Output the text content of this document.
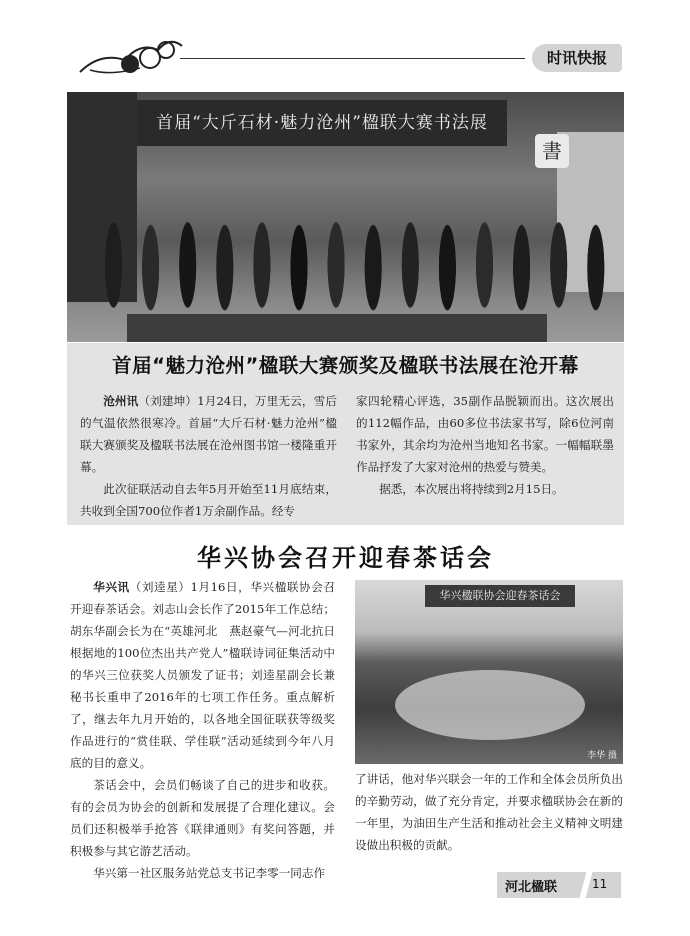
时讯快报
首届“大斤石材·魅力沧州”楹联大赛书法展
書
首届“魅力沧州”楹联大赛颁奖及楹联书法展在沧开幕

沧州讯（刘建坤）1月24日，万里无云，雪后的气温依然很寒冷。首届“大斤石材·魅力沧州”楹联大赛颁奖及楹联书法展在沧州图书馆一楼隆重开幕。

此次征联活动自去年5月开始至11月底结束，共收到全国700位作者1万余副作品。经专

家四轮精心评选，35副作品脱颖而出。这次展出的112幅作品，由60多位书法家书写，除6位河南书家外，其余均为沧州当地知名书家。一幅幅联墨作品抒发了大家对沧州的热爱与赞美。

据悉，本次展出将持续到2月15日。

华兴协会召开迎春茶话会

华兴讯（刘逵星）1月16日，华兴楹联协会召开迎春茶话会。刘志山会长作了2015年工作总结；胡东华副会长为在“英雄河北　燕赵豪气—河北抗日根据地的100位杰出共产党人”楹联诗词征集活动中的华兴三位获奖人员颁发了证书；刘逵星副会长兼秘书长重申了2016年的七项工作任务。重点解析了，继去年九月开始的，以各地全国征联获等级奖作品进行的“赏佳联、学佳联”活动延续到今年八月底的目的意义。

茶话会中，会员们畅谈了自己的进步和收获。有的会员为协会的创新和发展提了合理化建议。会员们还积极举手抢答《联律通则》有奖问答题，并积极参与其它游艺活动。

华兴第一社区服务站党总支书记李零一同志作

华兴楹联协会迎春茶话会
李华 摄

了讲话，他对华兴联会一年的工作和全体会员所负出的辛勤劳动，做了充分肯定，并要求楹联协会在新的一年里，为油田生产生活和推动社会主义精神文明建设做出积极的贡献。

河北楹联	11
